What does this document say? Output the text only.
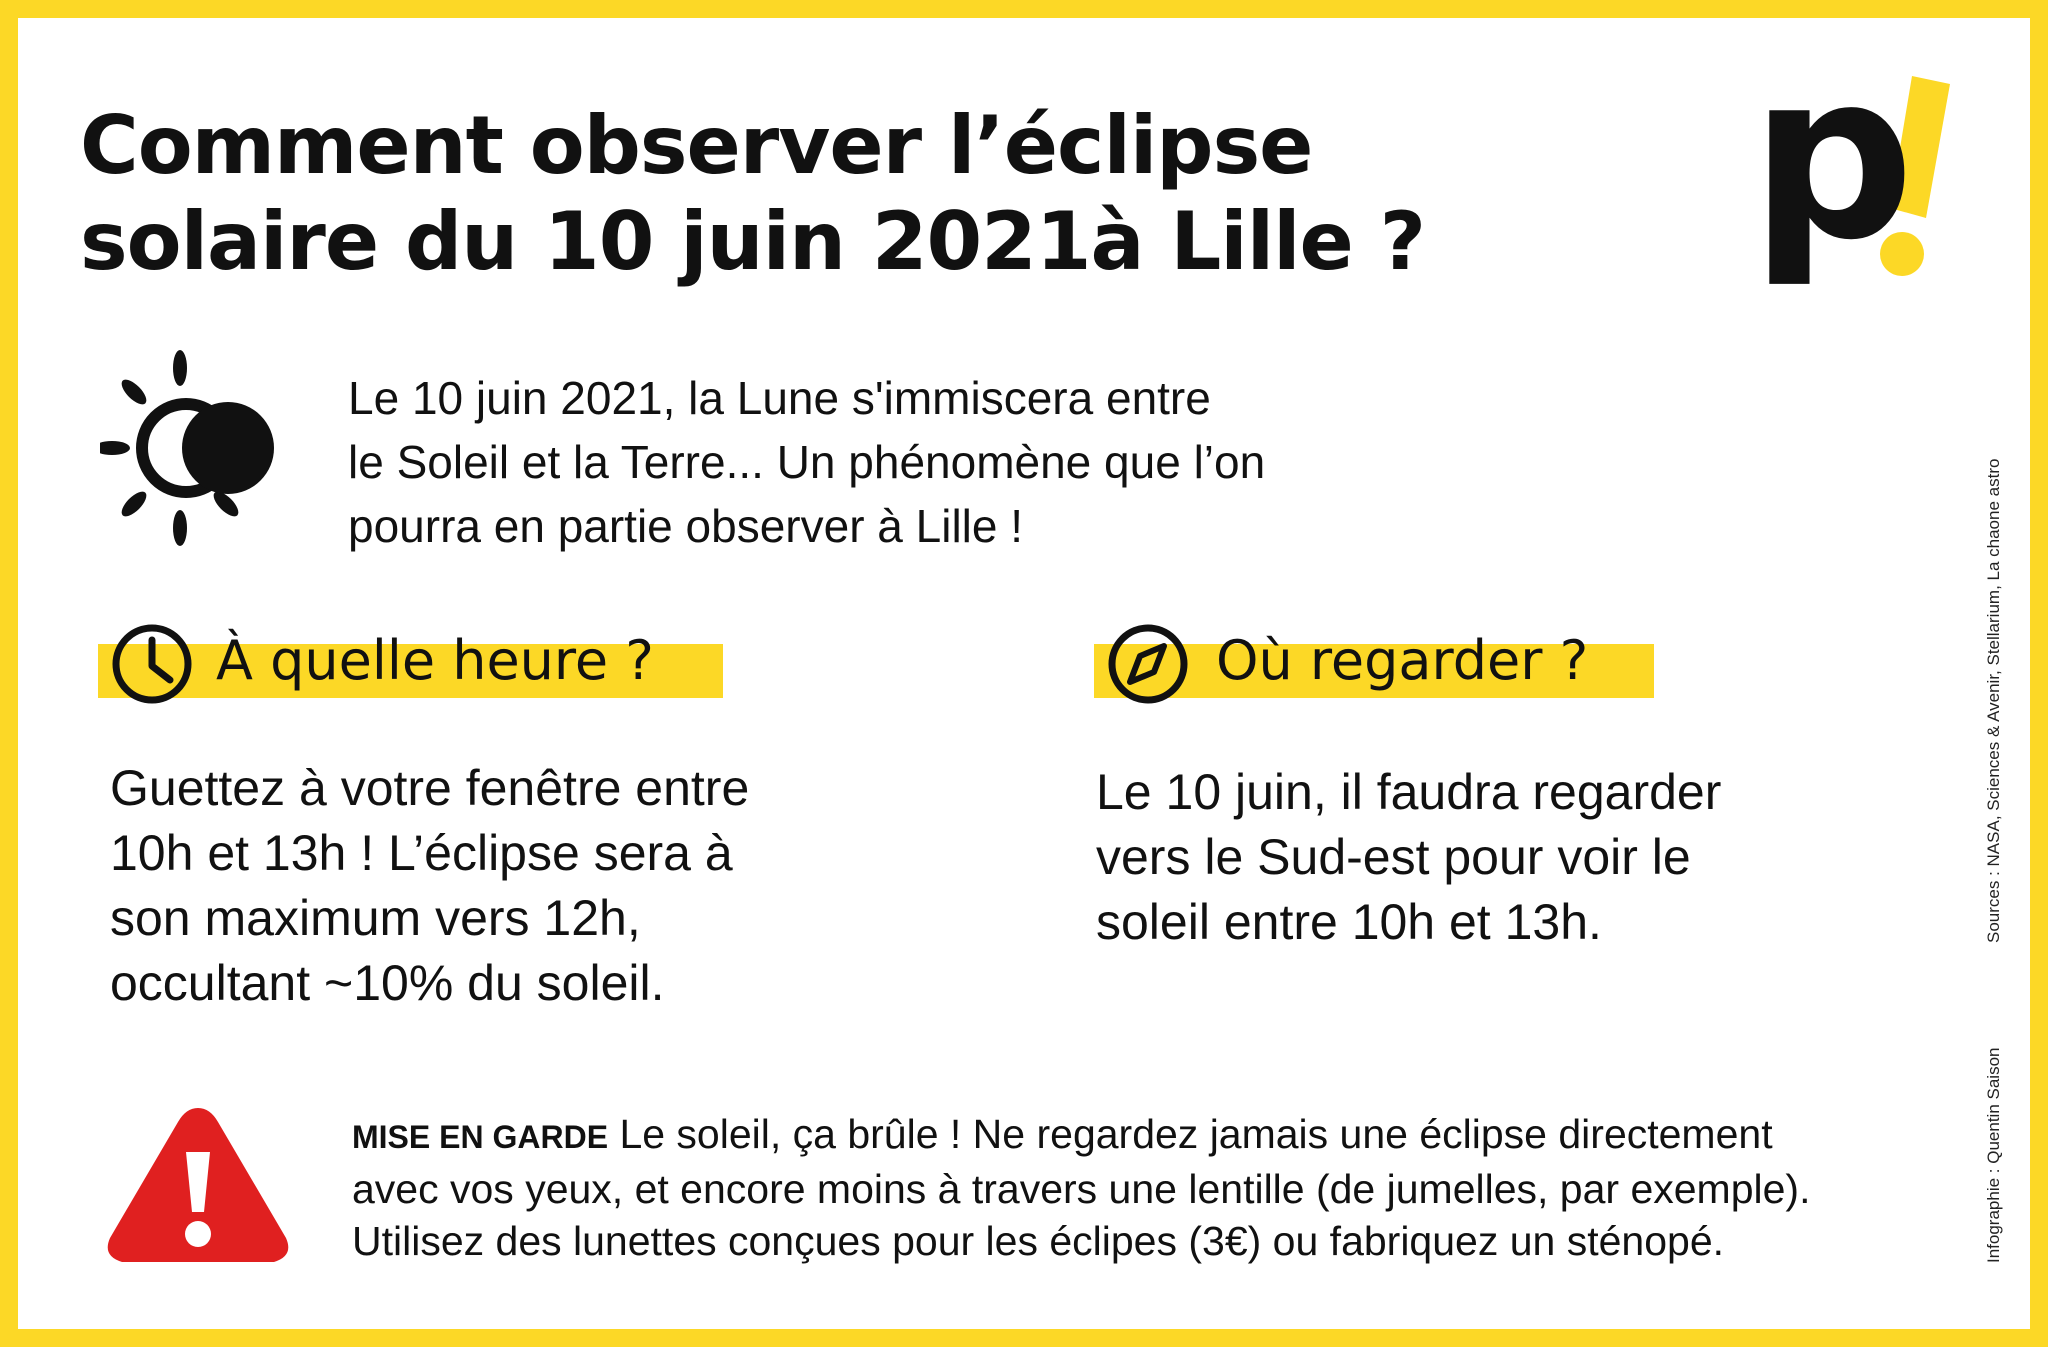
Comment observer l’éclipse
solaire du 10 juin 2021à Lille ?	p
Le 10 juin 2021, la Lune s'immiscera entre
le Soleil et la Terre... Un phénomène que l’on
pourra en partie observer à Lille !
À quelle heure ?	Où regarder ?

Guettez à votre fenêtre entre
10h et 13h ! L’éclipse sera à
son maximum vers 12h,
occultant ~10% du soleil.

Le 10 juin, il faudra regarder
vers le Sud-est pour voir le
soleil entre 10h et 13h.

MISE EN GARDE Le soleil, ça brûle ! Ne regardez jamais une éclipse directement
avec vos yeux, et encore moins à travers une lentille (de jumelles, par exemple).
Utilisez des lunettes conçues pour les éclipes (3€) ou fabriquez un sténopé.
Sources : NASA, Sciences & Avenir, Stellarium, La chaone astro
Infographie : Quentin Saison
